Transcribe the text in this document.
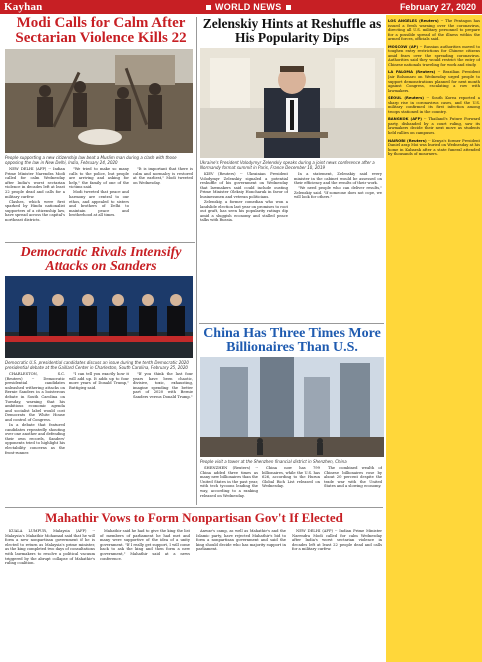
Kayhan	WORLD NEWS	February 27, 2020
Modi Calls for Calm After Sectarian Violence Kills 22
People supporting a new citizenship law beat a Muslim man during a clash with those opposing the law in New Delhi, India, February 24, 2020

NEW DELHI (AFP) -- Indian Prime Minister Narendra Modi called for calm Wednesday after India's worst sectarian violence in decades left at least 22 people dead and calls for a military curfew.

Clashes, which were first sparked by Hindu nationalist supporters of a citizenship law, have spread across the capital's northeast districts.

"We tried to make so many calls to the police, but people are arriving and asking for help," the family of one of the victims said.

Modi tweeted that peace and harmony are central to our ethos, and appealed to sisters and brothers of Delhi to maintain peace and brotherhood at all times.

"It is important that there is calm and normalcy is restored at the earliest," Modi tweeted on Wednesday.

Democratic Rivals Intensify Attacks on Sanders
Democratic U.S. presidential candidates discuss an issue during the tenth Democratic 2020 presidential debate at the Gaillard Center in Charleston, South Carolina, February 25, 2020

CHARLESTON, S.C. (Reuters) -- Democratic presidential candidates unleashed withering attacks on Bernie Sanders in a boisterous debate in South Carolina on Tuesday, warning that his ambitious economic agenda and socialist label would cost Democrats the White House and control of Congress.

In a debate that featured candidates repeatedly shouting over one another and defending their own records, Sanders' opponents tried to highlight his electability concerns as the front-runner.

"I can tell you exactly how it will add up. It adds up to four more years of Donald Trump," Buttigieg said.

"If you think the last four years have been chaotic, divisive, toxic, exhausting, imagine spending the better part of 2020 with Bernie Sanders versus Donald Trump."

Mahathir Vows to Form Nonpartisan Gov't If Elected

KUALA LUMPUR, Malaysia (AFP) -- Malaysia's Mahathir Mohamad said that he will form a new nonpartisan government if he is elected to return as Malaysia's prime minister, as the king completed two days of consultations with lawmakers to resolve a political vacuum triggered by the abrupt collapse of Mahathir's ruling coalition.

Mahathir said he had to give the king the list of members of parliament he had met and many were supportive of the idea of a unity government. "If I really get support, I will come back to ask the king and then form a new government," Mahathir said at a news conference.

Anwar's camp, as well as Mahathir's and the Islamic party, have rejected Mahathir's bid to form a nonpartisan government and said the king should decide who has majority support in parliament.

NEW DELHI (AFP) -- Indian Prime Minister Narendra Modi called for calm Wednesday after India's worst sectarian violence in decades left at least 22 people dead and calls for a military curfew.

Zelenskiy Hints at Reshuffle as His Popularity Dips
Ukraine's President Volodymyr Zelenskiy speaks during a joint news conference after a Normandy format summit in Paris, France December 10, 2019

KIEV (Reuters) -- Ukrainian President Volodymyr Zelenskiy signaled a potential reshuffle of his government on Wednesday that lawmakers said could include ousting Prime Minister Oleksiy Honcharuk in favor of businessmen and veteran politicians.

Zelenskiy, a former comedian who won a landslide election last year on promises to root out graft, has seen his popularity ratings dip amid a sluggish economy and stalled peace talks with Russia.

In a statement, Zelenskiy said every minister in the cabinet would be assessed on their efficiency and the results of their work.

"We need people who can deliver results," Zelenskiy said. "If someone does not cope, we will look for others."

China Has Three Times More Billionaires Than U.S.
People visit a tower at the Shenzhen financial district in Shenzhen, China

SHENZHEN (Reuters) -- China added three times as many new billionaires than the United States in the past year, with tech tycoons leading the way, according to a ranking released on Wednesday.

China now has 799 billionaires, while the U.S. has 626, according to the Hurun Global Rich List released on Wednesday.

The combined wealth of Chinese billionaires rose by about 20 percent despite the trade war with the United States and a slowing economy.

LOS ANGELES (Reuters) -- The Pentagon has issued a fresh warning over the coronavirus, directing all U.S. military personnel to prepare for a possible spread of the illness within the armed forces, officials said.
MOSCOW (AP) -- Russian authorities moved to toughen entry restrictions for Chinese citizens amid fears over the spreading coronavirus. Authorities said they would restrict the entry of Chinese nationals traveling for work and study.
LA PALOMA (Reuters) -- Brazilian President Jair Bolsonaro on Wednesday urged people to support demonstrations planned for next month against Congress, escalating a row with lawmakers.
SEOUL (Reuters) -- South Korea reported a sharp rise in coronavirus cases, and the U.S. military confirmed its first infection among troops stationed in the country.
BANGKOK (AFP) -- Thailand's Future Forward party, disbanded by a court ruling, saw its lawmakers decide their next move as students held rallies on campuses.
NAIROBI (Reuters) -- Kenya's former President Daniel arap Moi was buried on Wednesday at his home in Kabarak after a state funeral attended by thousands of mourners.
